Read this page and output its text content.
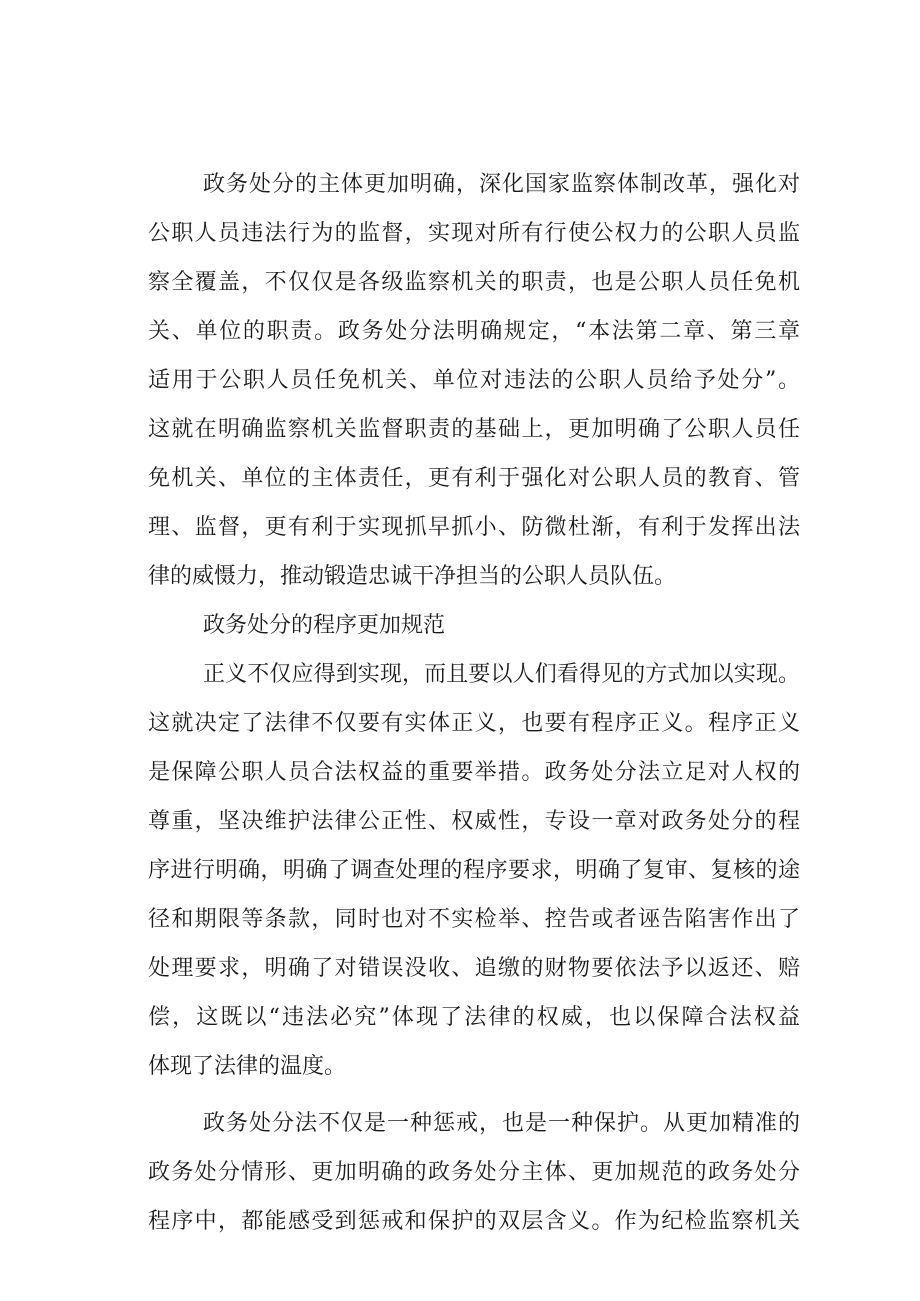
政务处分的主体更加明确，深化国家监察体制改革，强化对
公职人员违法行为的监督，实现对所有行使公权力的公职人员监
察全覆盖，不仅仅是各级监察机关的职责，也是公职人员任免机
关、单位的职责。政务处分法明确规定，“本法第二章、第三章
适用于公职人员任免机关、单位对违法的公职人员给予处分”。
这就在明确监察机关监督职责的基础上，更加明确了公职人员任
免机关、单位的主体责任，更有利于强化对公职人员的教育、管
理、监督，更有利于实现抓早抓小、防微杜渐，有利于发挥出法
律的威慑力，推动锻造忠诚干净担当的公职人员队伍。
政务处分的程序更加规范
正义不仅应得到实现，而且要以人们看得见的方式加以实现。
这就决定了法律不仅要有实体正义，也要有程序正义。程序正义
是保障公职人员合法权益的重要举措。政务处分法立足对人权的
尊重，坚决维护法律公正性、权威性，专设一章对政务处分的程
序进行明确，明确了调查处理的程序要求，明确了复审、复核的途
径和期限等条款，同时也对不实检举、控告或者诬告陷害作出了
处理要求，明确了对错误没收、追缴的财物要依法予以返还、赔
偿，这既以“违法必究”体现了法律的权威，也以保障合法权益
体现了法律的温度。
政务处分法不仅是一种惩戒，也是一种保护。从更加精准的
政务处分情形、更加明确的政务处分主体、更加规范的政务处分
程序中，都能感受到惩戒和保护的双层含义。作为纪检监察机关
